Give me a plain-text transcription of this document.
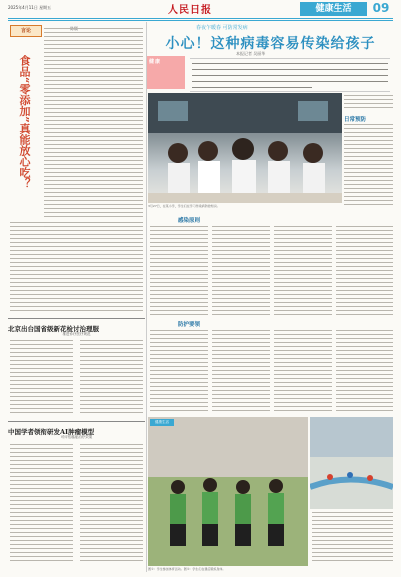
2025年4月11日 星期五	人民日报	健康生活	09
言论
食品“零添加”真能放心吃？
北京出台国省级新花检讨治理服
推进诊疗医疗规范
中国学者领衔研发AI肿瘤模型
可评估癌症治疗效果
春夜乍暖春 可防常发病
小心！这种病毒容易传染给孩子
本报记者 吴丽华
健康
3月27日，在某小学，学生们在学习传染病防控知识。
感染原则
防护要领
日常预防
健康生活
图①：学生参加体育活动。图②：学生们在课后锻炼身体。
